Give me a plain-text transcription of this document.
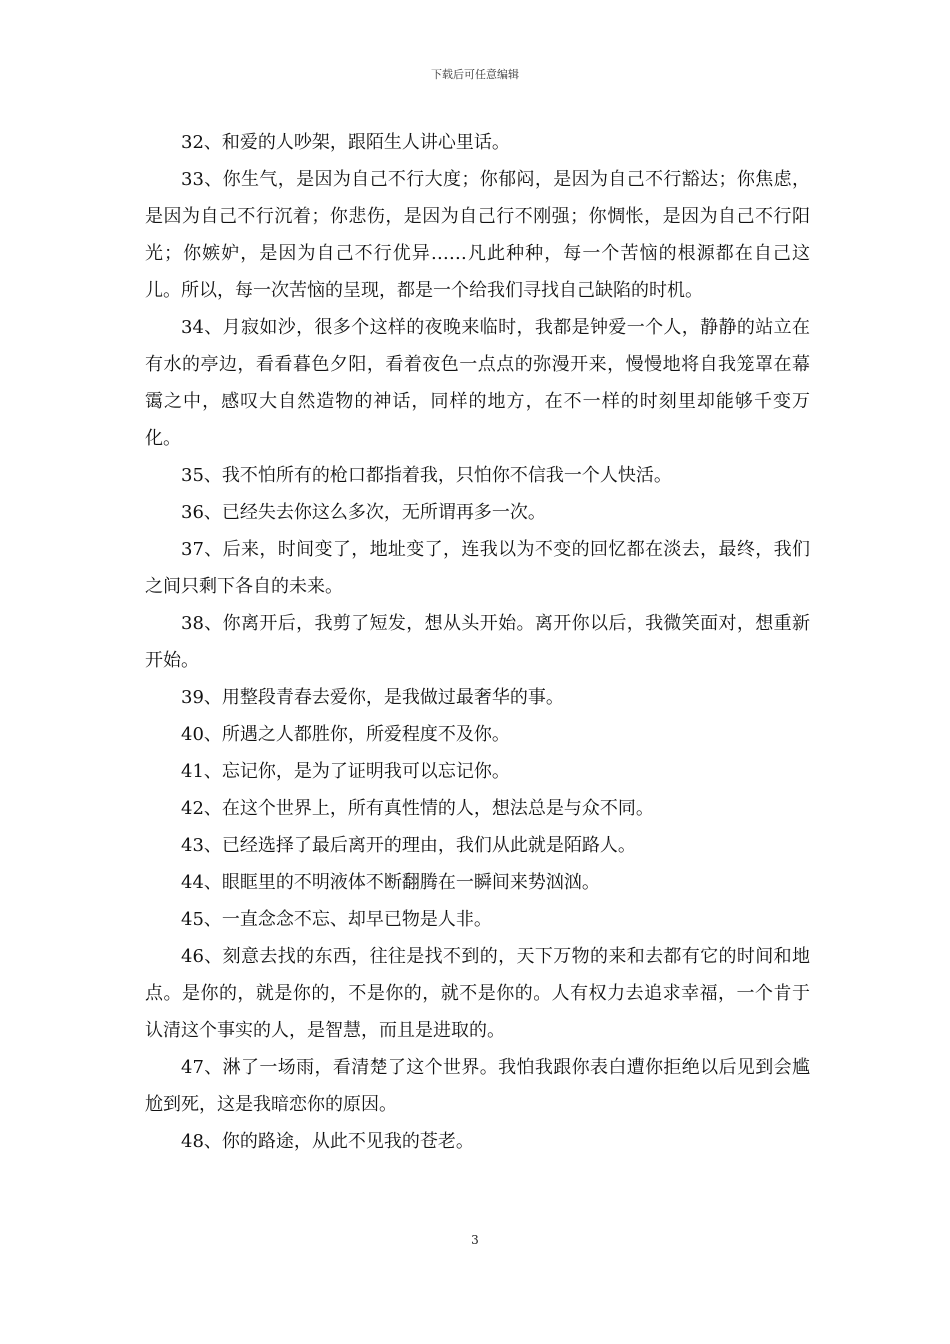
下载后可任意编辑

32、和爱的人吵架，跟陌生人讲心里话。

33、你生气，是因为自己不行大度；你郁闷，是因为自己不行豁达；你焦虑，是因为自己不行沉着；你悲伤，是因为自己行不刚强；你惆怅，是因为自己不行阳光；你嫉妒，是因为自己不行优异……凡此种种，每一个苦恼的根源都在自己这儿。所以，每一次苦恼的呈现，都是一个给我们寻找自己缺陷的时机。

34、月寂如沙，很多个这样的夜晚来临时，我都是钟爱一个人，静静的站立在有水的亭边，看看暮色夕阳，看着夜色一点点的弥漫开来，慢慢地将自我笼罩在幕霭之中，感叹大自然造物的神话，同样的地方，在不一样的时刻里却能够千变万化。

35、我不怕所有的枪口都指着我，只怕你不信我一个人快活。

36、已经失去你这么多次，无所谓再多一次。

37、后来，时间变了，地址变了，连我以为不变的回忆都在淡去，最终，我们之间只剩下各自的未来。

38、你离开后，我剪了短发，想从头开始。离开你以后，我微笑面对，想重新开始。

39、用整段青春去爱你，是我做过最奢华的事。

40、所遇之人都胜你，所爱程度不及你。

41、忘记你，是为了证明我可以忘记你。

42、在这个世界上，所有真性情的人，想法总是与众不同。

43、已经选择了最后离开的理由，我们从此就是陌路人。

44、眼眶里的不明液体不断翻腾在一瞬间来势汹汹。

45、一直念念不忘、却早已物是人非。

46、刻意去找的东西，往往是找不到的，天下万物的来和去都有它的时间和地点。是你的，就是你的，不是你的，就不是你的。人有权力去追求幸福，一个肯于认清这个事实的人，是智慧，而且是进取的。

47、淋了一场雨，看清楚了这个世界。我怕我跟你表白遭你拒绝以后见到会尴尬到死，这是我暗恋你的原因。

48、你的路途，从此不见我的苍老。

3
